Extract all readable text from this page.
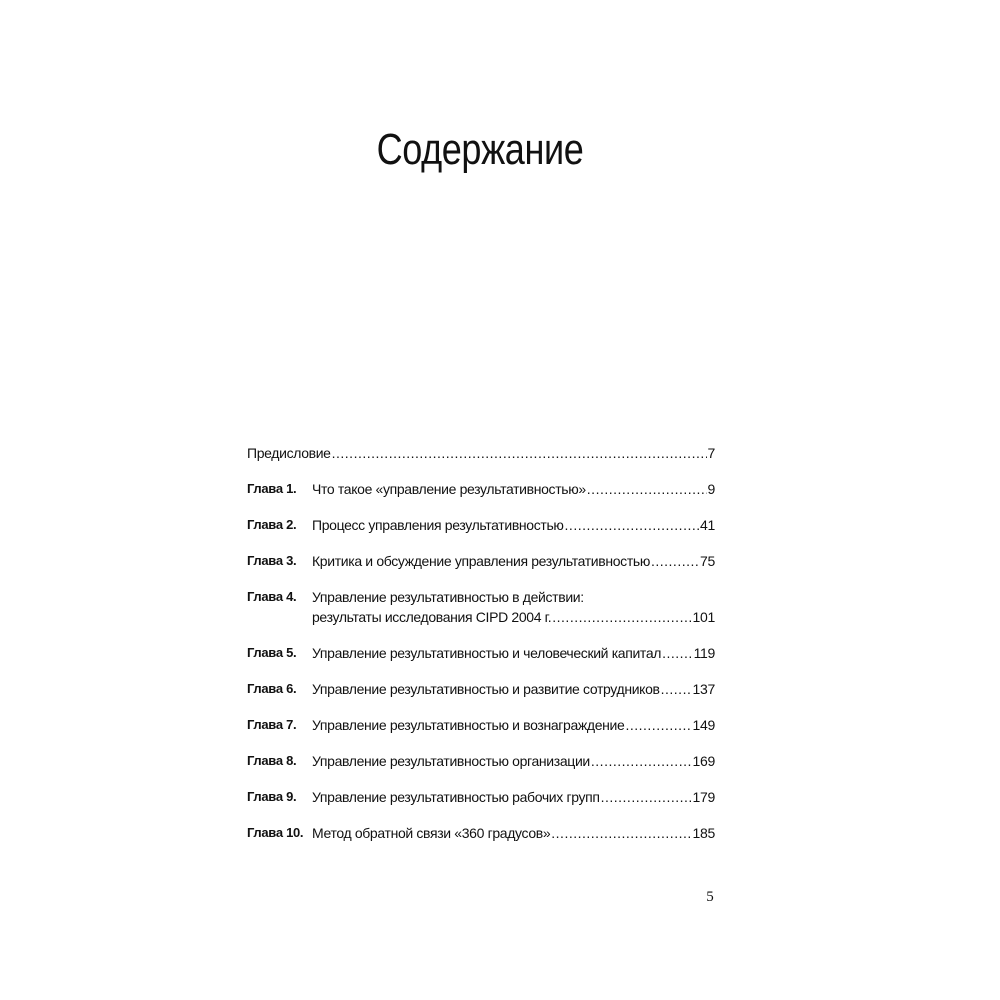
Содержание
Предисловие .....	7
Глава 1.	Что такое «управление результативностью» .....	9
Глава 2.	Процесс управления результативностью .....	41
Глава 3.	Критика и обсуждение управления результативностью .....	75
Глава 4.	Управление результативностью в действии:
результаты исследования CIPD 2004 г. .....	101
Глава 5.	Управление результативностью и человеческий капитал ..... 119
Глава 6.	Управление результативностью и развитие сотрудников ..... 137
Глава 7.	Управление результативностью и вознаграждение .....	149
Глава 8.	Управление результативностью организации .....	169
Глава 9.	Управление результативностью рабочих групп .....	179
Глава 10. Метод обратной связи «360 градусов» .....	185
5
